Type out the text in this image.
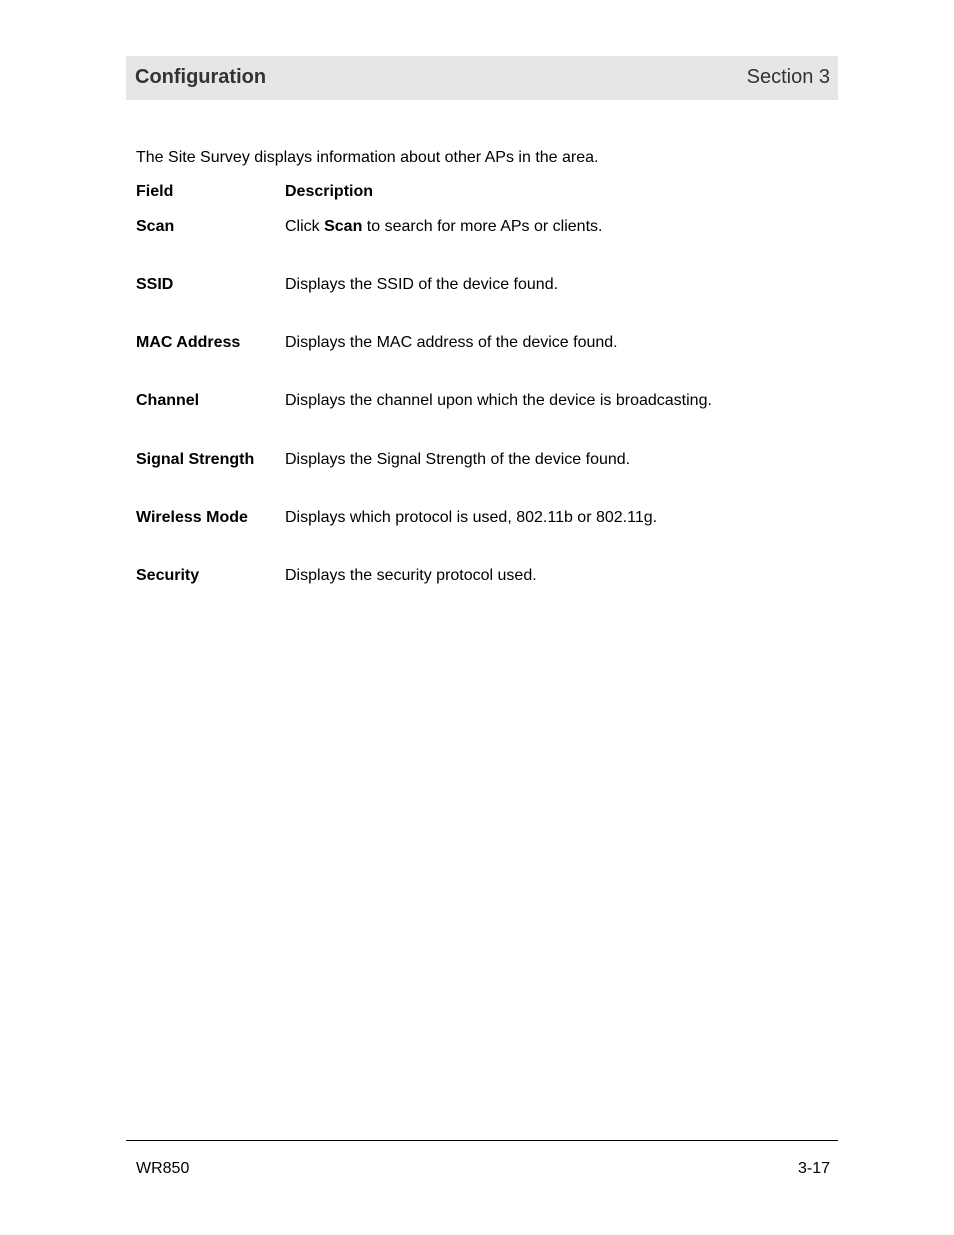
Configuration	Section 3
The Site Survey displays information about other APs in the area.
Field	Description
Scan	Click Scan to search for more APs or clients.
SSID	Displays the SSID of the device found.
MAC Address	Displays the MAC address of the device found.
Channel	Displays the channel upon which the device is broadcasting.
Signal Strength Displays the Signal Strength of the device found.
Wireless Mode Displays which protocol is used, 802.11b or 802.11g.
Security	Displays the security protocol used.
WR850	3-17
